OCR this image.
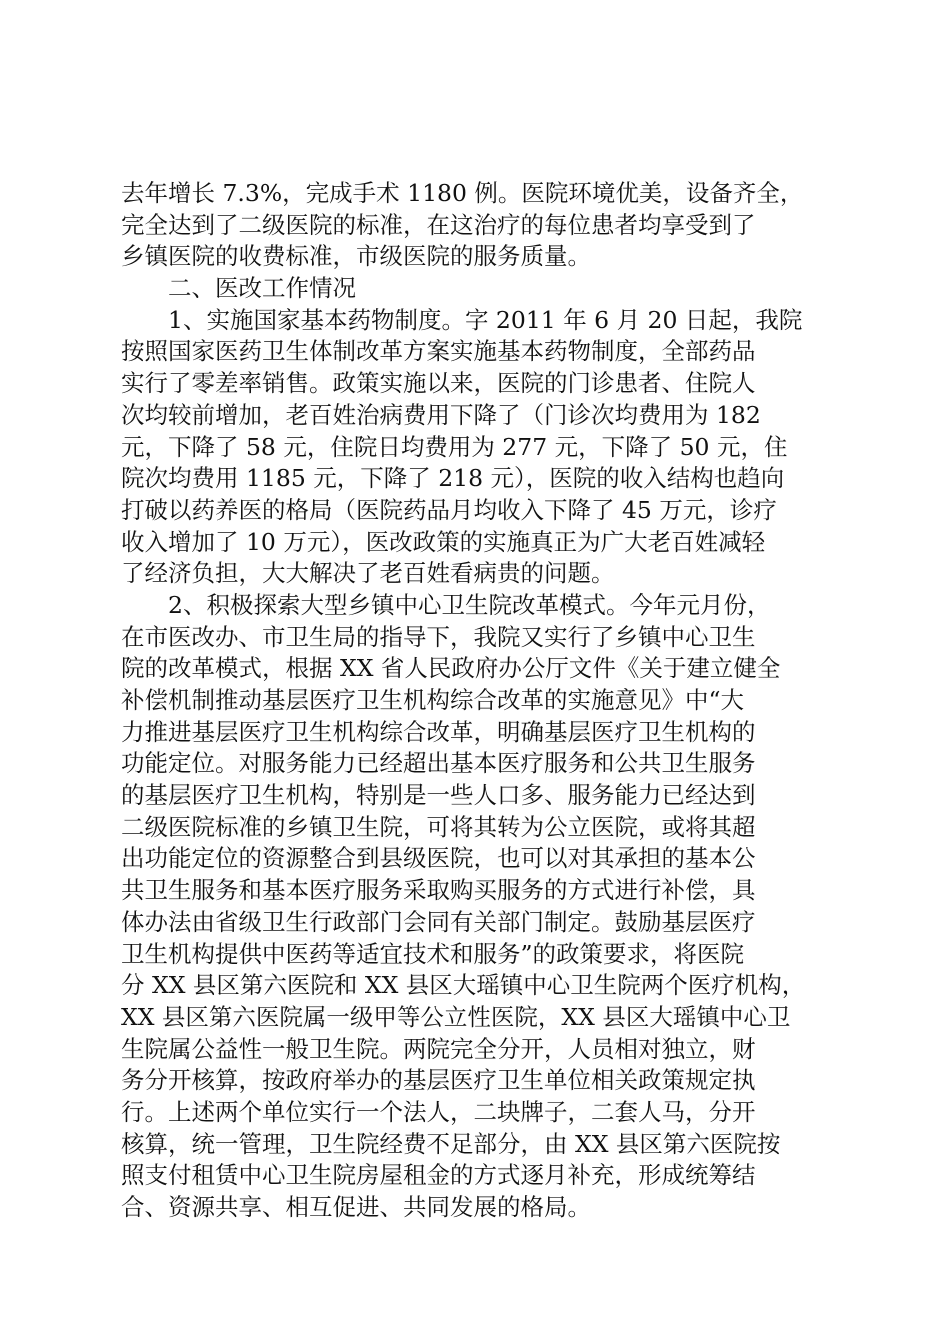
去年增长 7.3%，完成手术 1180 例。医院环境优美，设备齐全，
完全达到了二级医院的标准，在这治疗的每位患者均享受到了
乡镇医院的收费标准，市级医院的服务质量。
　　二、医改工作情况
　　1、实施国家基本药物制度。字 2011 年 6 月 20 日起，我院
按照国家医药卫生体制改革方案实施基本药物制度，全部药品
实行了零差率销售。政策实施以来，医院的门诊患者、住院人
次均较前增加，老百姓治病费用下降了（门诊次均费用为 182
元，下降了 58 元，住院日均费用为 277 元，下降了 50 元，住
院次均费用 1185 元，下降了 218 元），医院的收入结构也趋向
打破以药养医的格局（医院药品月均收入下降了 45 万元，诊疗
收入增加了 10 万元），医改政策的实施真正为广大老百姓减轻
了经济负担，大大解决了老百姓看病贵的问题。
　　2、积极探索大型乡镇中心卫生院改革模式。今年元月份，
在市医改办、市卫生局的指导下，我院又实行了乡镇中心卫生
院的改革模式，根据 XX 省人民政府办公厅文件《关于建立健全
补偿机制推动基层医疗卫生机构综合改革的实施意见》中“大
力推进基层医疗卫生机构综合改革，明确基层医疗卫生机构的
功能定位。对服务能力已经超出基本医疗服务和公共卫生服务
的基层医疗卫生机构，特别是一些人口多、服务能力已经达到
二级医院标准的乡镇卫生院，可将其转为公立医院，或将其超
出功能定位的资源整合到县级医院，也可以对其承担的基本公
共卫生服务和基本医疗服务采取购买服务的方式进行补偿，具
体办法由省级卫生行政部门会同有关部门制定。鼓励基层医疗
卫生机构提供中医药等适宜技术和服务”的政策要求，将医院
分 XX 县区第六医院和 XX 县区大瑶镇中心卫生院两个医疗机构，
XX 县区第六医院属一级甲等公立性医院，XX 县区大瑶镇中心卫
生院属公益性一般卫生院。两院完全分开，人员相对独立，财
务分开核算，按政府举办的基层医疗卫生单位相关政策规定执
行。上述两个单位实行一个法人，二块牌子，二套人马，分开
核算，统一管理，卫生院经费不足部分，由 XX 县区第六医院按
照支付租赁中心卫生院房屋租金的方式逐月补充，形成统筹结
合、资源共享、相互促进、共同发展的格局。
